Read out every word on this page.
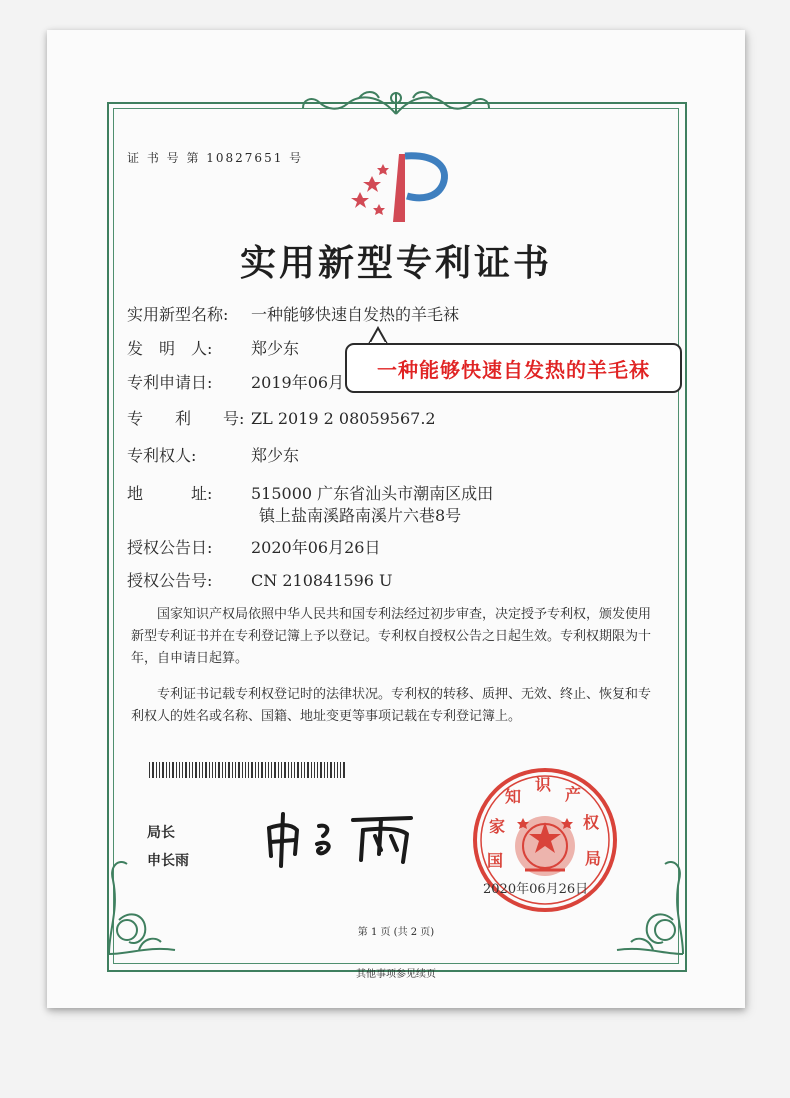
证 书 号 第 10827651 号
实用新型专利证书
实用新型名称: 一种能够快速自发热的羊毛袜
发　明　人: 郑少东
专利申请日: 2019年06月
专　　利　　号: ZL 2019 2 08059567.2
专利权人:	郑少东
地　　　址: 515000 广东省汕头市潮南区成田
镇上盐南溪路南溪片六巷8号
授权公告日: 2020年06月26日
授权公告号: CN 210841596 U
国家知识产权局依照中华人民共和国专利法经过初步审查，决定授予专利权，颁发使用新型专利证书并在专利登记簿上予以登记。专利权自授权公告之日起生效。专利权期限为十年，自申请日起算。
专利证书记载专利权登记时的法律状况。专利权的转移、质押、无效、终止、恢复和专利权人的姓名或名称、国籍、地址变更等事项记载在专利登记簿上。
局长
申长雨	国
家
知
识
产
权
局
2020年06月26日
第 1 页 (共 2 页)
其他事项参见续页
一种能够快速自发热的羊毛袜
